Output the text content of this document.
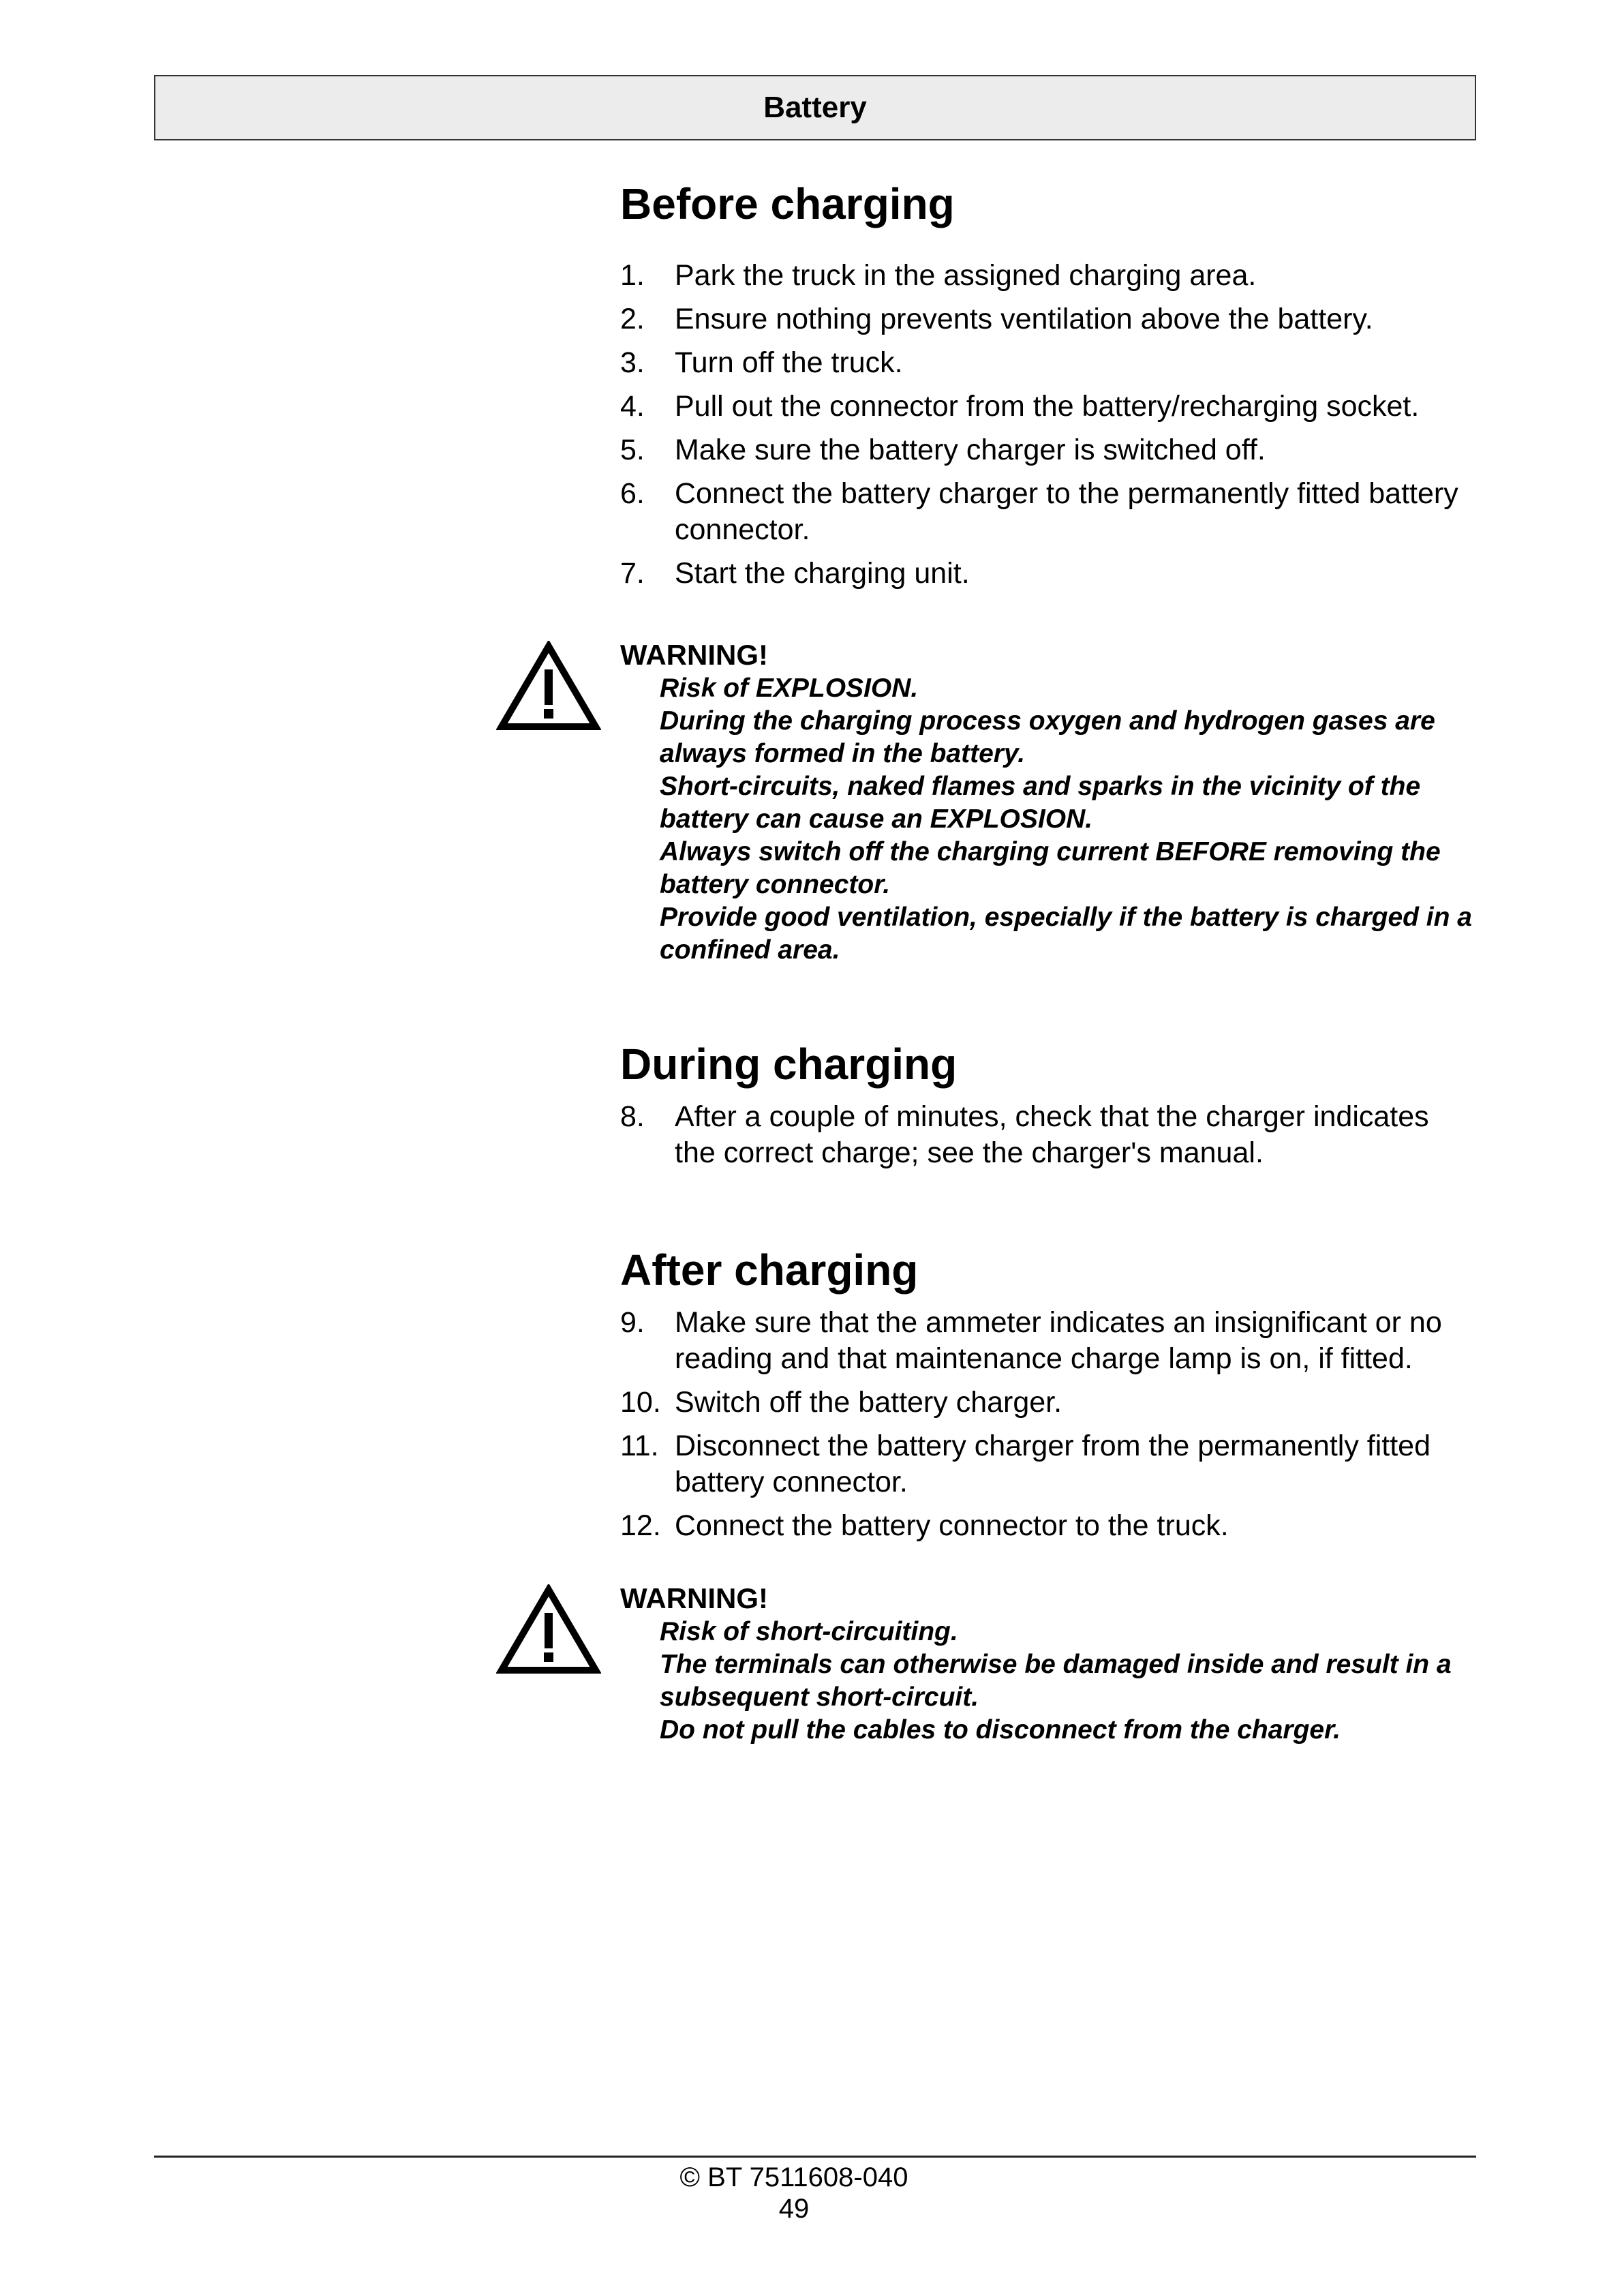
Battery
Before charging
1. Park the truck in the assigned charging area.
2. Ensure nothing prevents ventilation above the battery.
3. Turn off the truck.
4. Pull out the connector from the battery/recharging socket.
5. Make sure the battery charger is switched off.
6. Connect the battery charger to the permanently fitted battery connector.
7. Start the charging unit.
WARNING!
Risk of EXPLOSION.
During the charging process oxygen and hydrogen gases are always formed in the battery.
Short-circuits, naked flames and sparks in the vicinity of the battery can cause an EXPLOSION.
Always switch off the charging current BEFORE removing the battery connector.
Provide good ventilation, especially if the battery is charged in a confined area.
During charging
8. After a couple of minutes, check that the charger indicates the correct charge; see the charger's manual.
After charging
9. Make sure that the ammeter indicates an insignificant or no reading and that maintenance charge lamp is on, if fitted.
10. Switch off the battery charger.
11. Disconnect the battery charger from the permanently fitted battery connector.
12. Connect the battery connector to the truck.
WARNING!
Risk of short-circuiting.
The terminals can otherwise be damaged inside and result in a subsequent short-circuit.
Do not pull the cables to disconnect from the charger.
© BT 7511608-040
49
